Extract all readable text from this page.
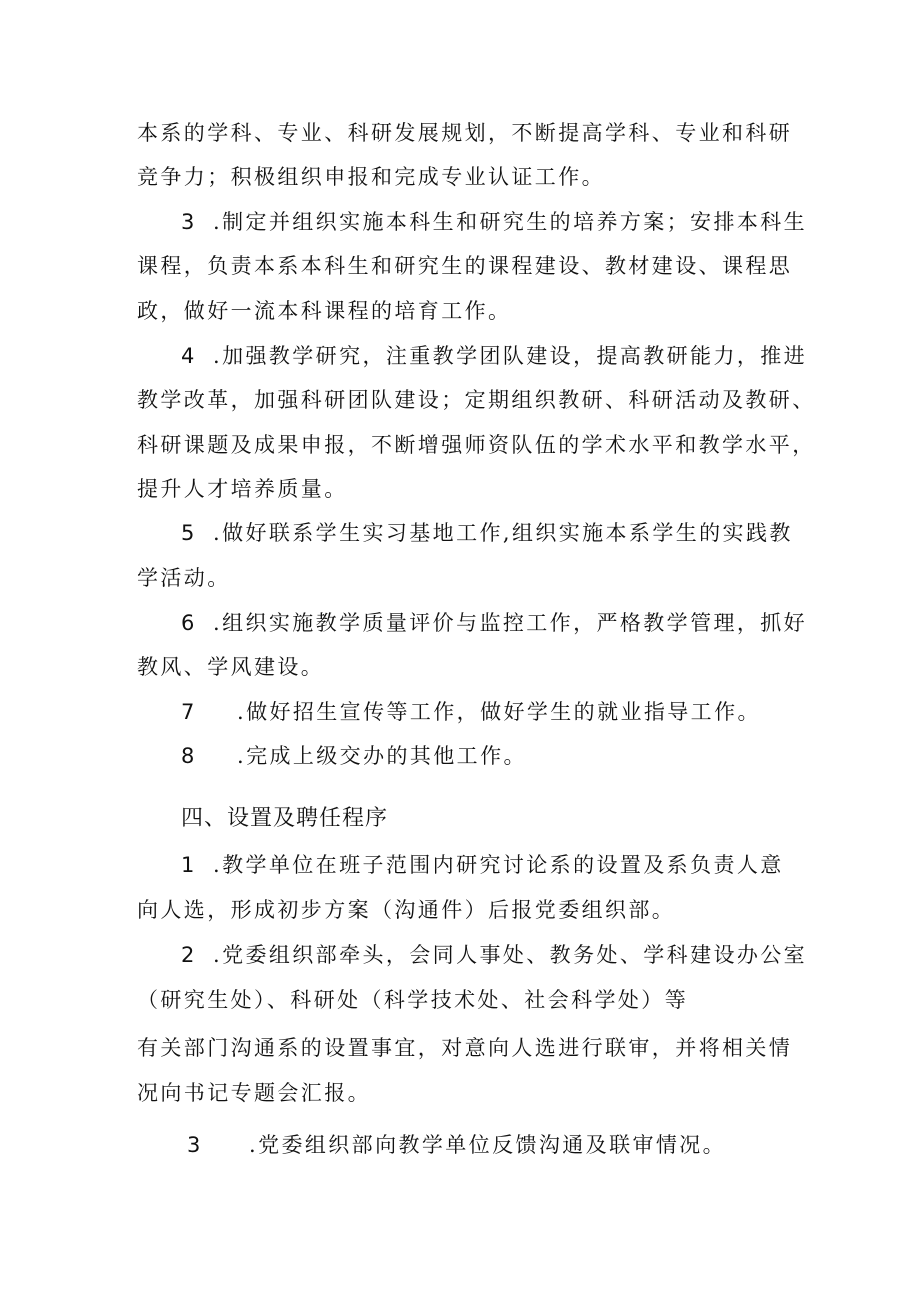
本系的学科、专业、科研发展规划，不断提高学科、专业和科研
竞争力；积极组织申报和完成专业认证工作。
3 .制定并组织实施本科生和研究生的培养方案；安排本科生
课程，负责本系本科生和研究生的课程建设、教材建设、课程思
政，做好一流本科课程的培育工作。
4 .加强教学研究，注重教学团队建设，提高教研能力，推进
教学改革，加强科研团队建设；定期组织教研、科研活动及教研、
科研课题及成果申报，不断增强师资队伍的学术水平和教学水平，
提升人才培养质量。
5 .做好联系学生实习基地工作,组织实施本系学生的实践教
学活动。
6 .组织实施教学质量评价与监控工作，严格教学管理，抓好
教风、学风建设。
7 .做好招生宣传等工作，做好学生的就业指导工作。
8 .完成上级交办的其他工作。
四、设置及聘任程序
1 .教学单位在班子范围内研究讨论系的设置及系负责人意
向人选，形成初步方案（沟通件）后报党委组织部。
2 .党委组织部牵头，会同人事处、教务处、学科建设办公室
（研究生处）、科研处（科学技术处、社会科学处）等
有关部门沟通系的设置事宜，对意向人选进行联审，并将相关情
况向书记专题会汇报。
3 .党委组织部向教学单位反馈沟通及联审情况。
